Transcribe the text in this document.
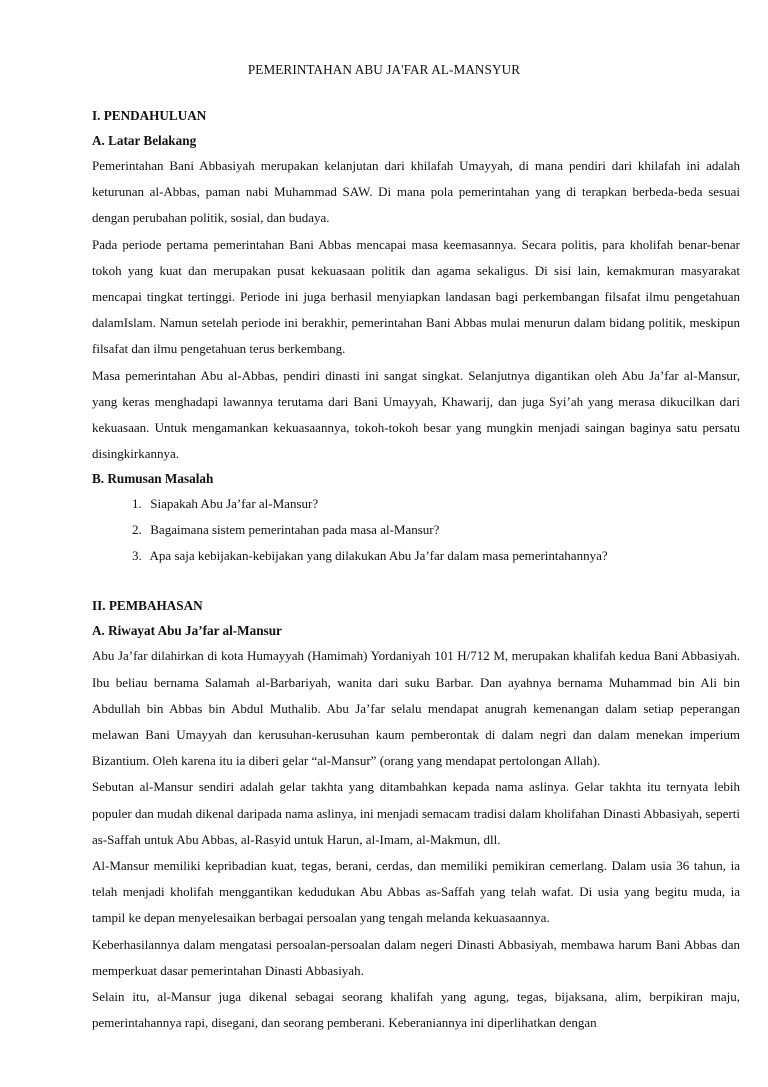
PEMERINTAHAN ABU JA'FAR AL-MANSYUR
I. PENDAHULUAN
A. Latar Belakang

Pemerintahan Bani Abbasiyah merupakan kelanjutan dari khilafah Umayyah, di mana pendiri dari khilafah ini adalah keturunan al-Abbas, paman nabi Muhammad SAW. Di mana pola pemerintahan yang di terapkan berbeda-beda sesuai dengan perubahan politik, sosial, dan budaya.

Pada periode pertama pemerintahan Bani Abbas mencapai masa keemasannya. Secara politis, para kholifah benar-benar tokoh yang kuat dan merupakan pusat kekuasaan politik dan agama sekaligus. Di sisi lain, kemakmuran masyarakat mencapai tingkat tertinggi. Periode ini juga berhasil menyiapkan landasan bagi perkembangan filsafat ilmu pengetahuan dalamIslam. Namun setelah periode ini berakhir, pemerintahan Bani Abbas mulai menurun dalam bidang politik, meskipun filsafat dan ilmu pengetahuan terus berkembang.

Masa pemerintahan Abu al-Abbas, pendiri dinasti ini sangat singkat. Selanjutnya digantikan oleh Abu Ja’far al-Mansur, yang keras menghadapi lawannya terutama dari Bani Umayyah, Khawarij, dan juga Syi’ah yang merasa dikucilkan dari kekuasaan. Untuk mengamankan kekuasaannya, tokoh-tokoh besar yang mungkin menjadi saingan baginya satu persatu disingkirkannya.

B. Rumusan Masalah
1. Siapakah Abu Ja’far al-Mansur?
2. Bagaimana sistem pemerintahan pada masa al-Mansur?
3. Apa saja kebijakan-kebijakan yang dilakukan Abu Ja’far dalam masa pemerintahannya?
II. PEMBAHASAN
A. Riwayat Abu Ja’far al-Mansur

Abu Ja’far dilahirkan di kota Humayyah (Hamimah) Yordaniyah 101 H/712 M, merupakan khalifah kedua Bani Abbasiyah. Ibu beliau bernama Salamah al-Barbariyah, wanita dari suku Barbar. Dan ayahnya bernama Muhammad bin Ali bin Abdullah bin Abbas bin Abdul Muthalib. Abu Ja’far selalu mendapat anugrah kemenangan dalam setiap peperangan melawan Bani Umayyah dan kerusuhan-kerusuhan kaum pemberontak di dalam negri dan dalam menekan imperium Bizantium. Oleh karena itu ia diberi gelar “al-Mansur” (orang yang mendapat pertolongan Allah).

Sebutan al-Mansur sendiri adalah gelar takhta yang ditambahkan kepada nama aslinya. Gelar takhta itu ternyata lebih populer dan mudah dikenal daripada nama aslinya, ini menjadi semacam tradisi dalam kholifahan Dinasti Abbasiyah, seperti as-Saffah untuk Abu Abbas, al-Rasyid untuk Harun, al-Imam, al-Makmun, dll.

Al-Mansur memiliki kepribadian kuat, tegas, berani, cerdas, dan memiliki pemikiran cemerlang. Dalam usia 36 tahun, ia telah menjadi kholifah menggantikan kedudukan Abu Abbas as-Saffah yang telah wafat. Di usia yang begitu muda, ia tampil ke depan menyelesaikan berbagai persoalan yang tengah melanda kekuasaannya.

Keberhasilannya dalam mengatasi persoalan-persoalan dalam negeri Dinasti Abbasiyah, membawa harum Bani Abbas dan memperkuat dasar pemerintahan Dinasti Abbasiyah.

Selain itu, al-Mansur juga dikenal sebagai seorang khalifah yang agung, tegas, bijaksana, alim, berpikiran maju, pemerintahannya rapi, disegani, dan seorang pemberani. Keberaniannya ini diperlihatkan dengan
